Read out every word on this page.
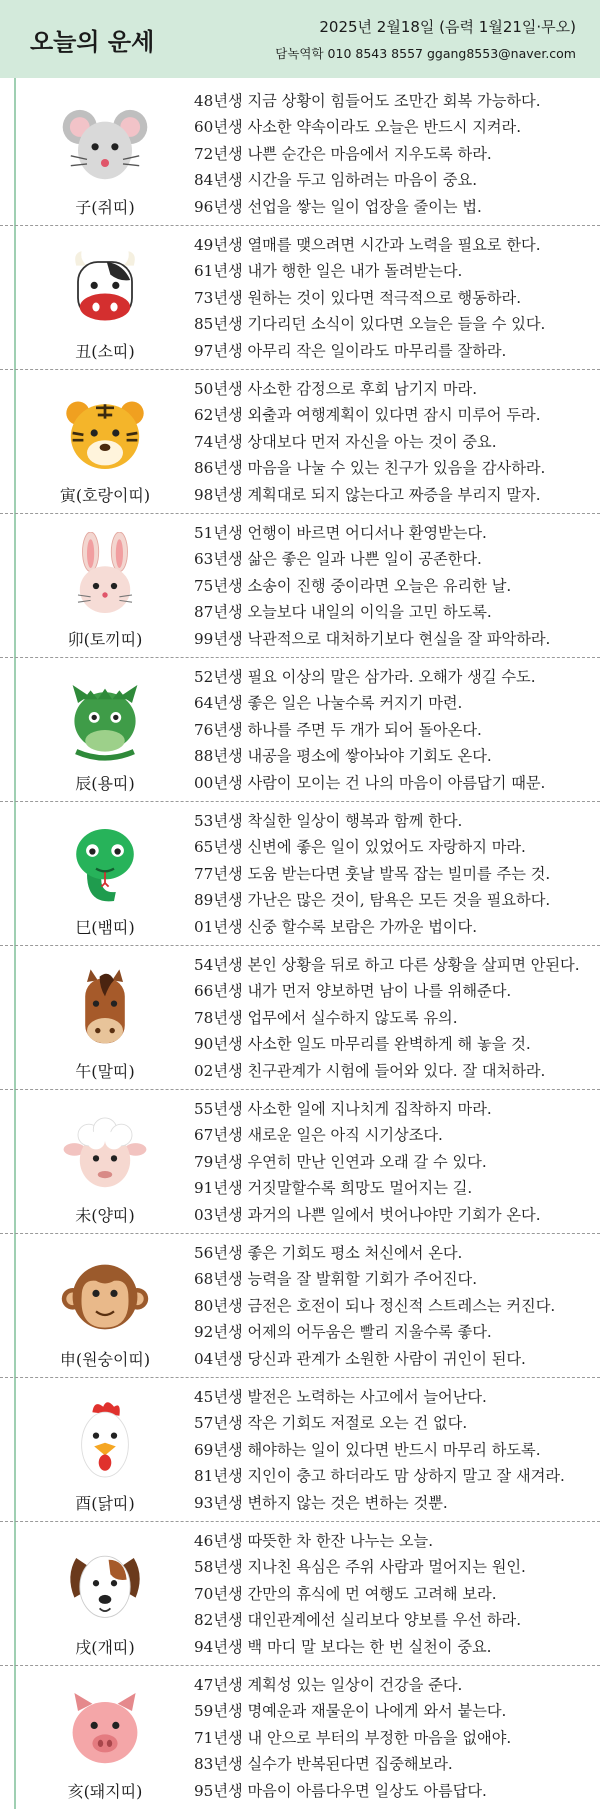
오늘의 운세
2025년 2월18일 (음력 1월21일·무오)
담녹역학 010 8543 8557 ggang8553@naver.com
子(쥐띠)
48년생 지금 상황이 힘들어도 조만간 회복 가능하다.
60년생 사소한 약속이라도 오늘은 반드시 지켜라.
72년생 나쁜 순간은 마음에서 지우도록 하라.
84년생 시간을 두고 임하려는 마음이 중요.
96년생 선업을 쌓는 일이 업장을 줄이는 법.
丑(소띠)
49년생 열매를 맺으려면 시간과 노력을 필요로 한다.
61년생 내가 행한 일은 내가 돌려받는다.
73년생 원하는 것이 있다면 적극적으로 행동하라.
85년생 기다리던 소식이 있다면 오늘은 들을 수 있다.
97년생 아무리 작은 일이라도 마무리를 잘하라.
寅(호랑이띠)
50년생 사소한 감정으로 후회 남기지 마라.
62년생 외출과 여행계획이 있다면 잠시 미루어 두라.
74년생 상대보다 먼저 자신을 아는 것이 중요.
86년생 마음을 나눌 수 있는 친구가 있음을 감사하라.
98년생 계획대로 되지 않는다고 짜증을 부리지 말자.
卯(토끼띠)
51년생 언행이 바르면 어디서나 환영받는다.
63년생 삶은 좋은 일과 나쁜 일이 공존한다.
75년생 소송이 진행 중이라면 오늘은 유리한 날.
87년생 오늘보다 내일의 이익을 고민 하도록.
99년생 낙관적으로 대처하기보다 현실을 잘 파악하라.
辰(용띠)
52년생 필요 이상의 말은 삼가라. 오해가 생길 수도.
64년생 좋은 일은 나눌수록 커지기 마련.
76년생 하나를 주면 두 개가 되어 돌아온다.
88년생 내공을 평소에 쌓아놔야 기회도 온다.
00년생 사람이 모이는 건 나의 마음이 아름답기 때문.
巳(뱀띠)
53년생 착실한 일상이 행복과 함께 한다.
65년생 신변에 좋은 일이 있었어도 자랑하지 마라.
77년생 도움 받는다면 훗날 발목 잡는 빌미를 주는 것.
89년생 가난은 많은 것이, 탐욕은 모든 것을 필요하다.
01년생 신중 할수록 보람은 가까운 법이다.
午(말띠)
54년생 본인 상황을 뒤로 하고 다른 상황을 살피면 안된다.
66년생 내가 먼저 양보하면 남이 나를 위해준다.
78년생 업무에서 실수하지 않도록 유의.
90년생 사소한 일도 마무리를 완벽하게 해 놓을 것.
02년생 친구관계가 시험에 들어와 있다. 잘 대처하라.
未(양띠)
55년생 사소한 일에 지나치게 집착하지 마라.
67년생 새로운 일은 아직 시기상조다.
79년생 우연히 만난 인연과 오래 갈 수 있다.
91년생 거짓말할수록 희망도 멀어지는 길.
03년생 과거의 나쁜 일에서 벗어나야만 기회가 온다.
申(원숭이띠)
56년생 좋은 기회도 평소 처신에서 온다.
68년생 능력을 잘 발휘할 기회가 주어진다.
80년생 금전은 호전이 되나 정신적 스트레스는 커진다.
92년생 어제의 어두움은 빨리 지울수록 좋다.
04년생 당신과 관계가 소원한 사람이 귀인이 된다.
酉(닭띠)
45년생 발전은 노력하는 사고에서 늘어난다.
57년생 작은 기회도 저절로 오는 건 없다.
69년생 해야하는 일이 있다면 반드시 마무리 하도록.
81년생 지인이 충고 하더라도 맘 상하지 말고 잘 새겨라.
93년생 변하지 않는 것은 변하는 것뿐.
戌(개띠)
46년생 따뜻한 차 한잔 나누는 오늘.
58년생 지나친 욕심은 주위 사람과 멀어지는 원인.
70년생 간만의 휴식에 먼 여행도 고려해 보라.
82년생 대인관계에선 실리보다 양보를 우선 하라.
94년생 백 마디 말 보다는 한 번 실천이 중요.
亥(돼지띠)
47년생 계획성 있는 일상이 건강을 준다.
59년생 명예운과 재물운이 나에게 와서 붙는다.
71년생 내 안으로 부터의 부정한 마음을 없애야.
83년생 실수가 반복된다면 집중해보라.
95년생 마음이 아름다우면 일상도 아름답다.
